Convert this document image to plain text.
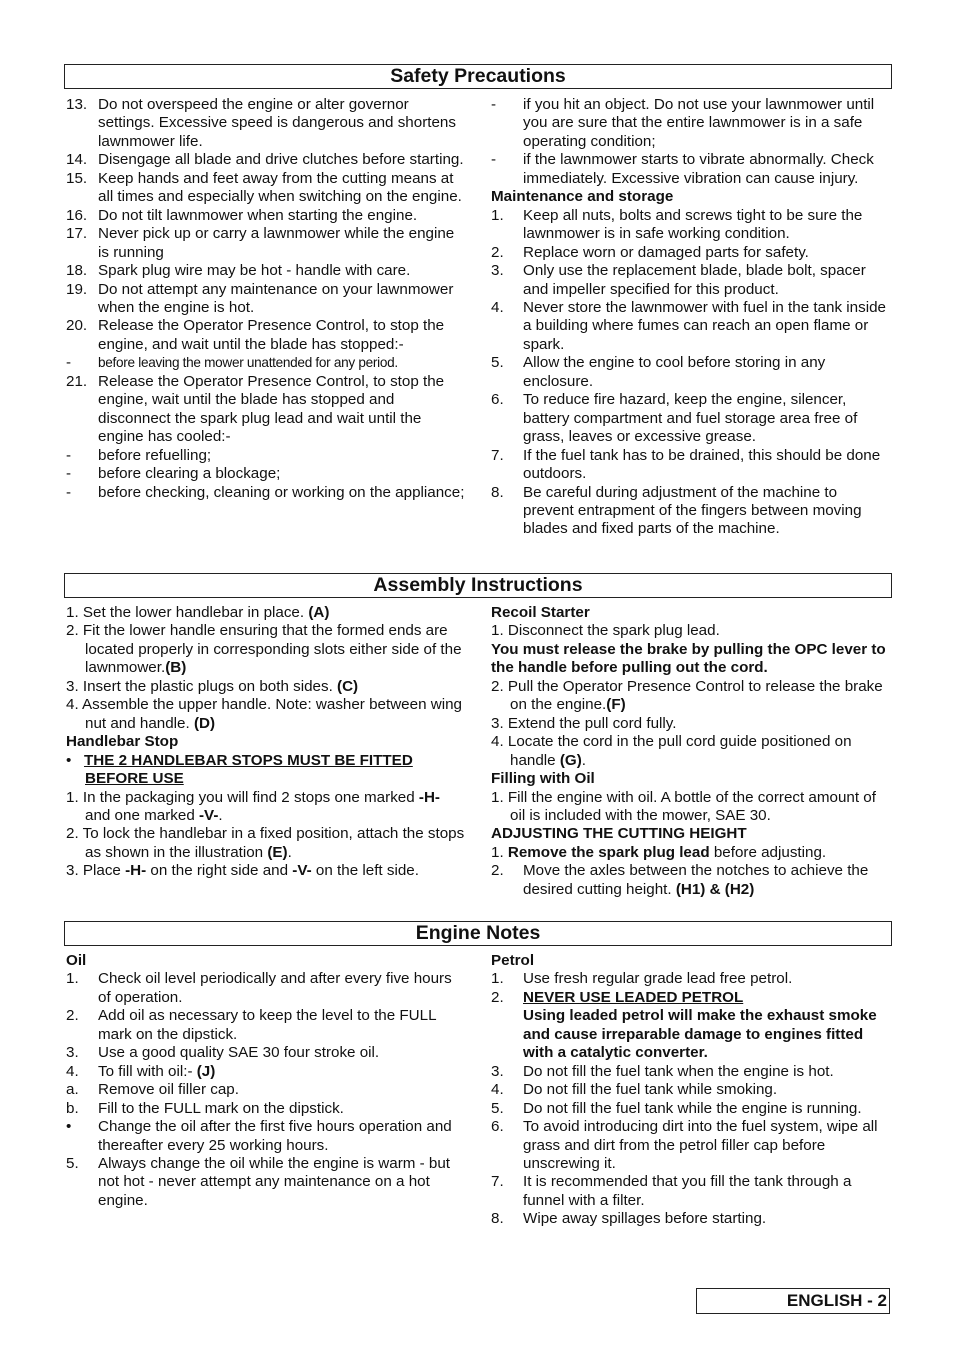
Safety Precautions
13. Do not overspeed the engine or alter governor settings. Excessive speed is dangerous and shortens lawnmower life.
14. Disengage all blade and drive clutches before starting.
15. Keep hands and feet away from the cutting means at all times and especially when switching on the engine.
16. Do not tilt lawnmower when starting the engine.
17. Never pick up or carry a lawnmower while the engine is running
18. Spark plug wire may be hot - handle with care.
19. Do not attempt any maintenance on your lawnmower when the engine is hot.
20. Release the Operator Presence Control, to stop the engine, and wait until the blade has stopped:-
- before leaving the mower unattended for any period.
21. Release the Operator Presence Control, to stop the engine, wait until the blade has stopped and disconnect the spark plug lead and wait until the engine has cooled:-
- before refuelling;
- before clearing a blockage;
- before checking, cleaning or working on the appliance;
- if you hit an object. Do not use your lawnmower until you are sure that the entire lawnmower is in a safe operating condition;
- if the lawnmower starts to vibrate abnormally. Check immediately. Excessive vibration can cause injury.
Maintenance and storage
1. Keep all nuts, bolts and screws tight to be sure the lawnmower is in safe working condition.
2. Replace worn or damaged parts for safety.
3. Only use the replacement blade, blade bolt, spacer and impeller specified for this product.
4. Never store the lawnmower with fuel in the tank inside a building where fumes can reach an open flame or spark.
5. Allow the engine to cool before storing in any enclosure.
6. To reduce fire hazard, keep the engine, silencer, battery compartment and fuel storage area free of grass, leaves or excessive grease.
7. If the fuel tank has to be drained, this should be done outdoors.
8. Be careful during adjustment of the machine to prevent entrapment of the fingers between moving blades and fixed parts of the machine.
Assembly Instructions
1. Set the lower handlebar in place. (A)
2. Fit the lower handle ensuring that the formed ends are located properly in corresponding slots either side of the lawnmower.(B)
3. Insert the plastic plugs on both sides. (C)
4. Assemble the upper handle. Note: washer between wing nut and handle. (D)
Handlebar Stop
•   THE 2 HANDLEBAR STOPS MUST BE FITTED BEFORE USE
1. In the packaging you will find 2 stops one marked -H- and one marked -V-.
2. To lock the handlebar in a fixed position, attach the stops as shown in the illustration (E).
3. Place -H- on the right side and -V- on the left side.
Recoil Starter
1. Disconnect the spark plug lead.
You must release the brake by pulling the OPC lever to the handle before pulling out the cord.
2. Pull the Operator Presence Control to release the brake on the engine.(F)
3. Extend the pull cord fully.
4. Locate the cord in the pull cord guide positioned on handle (G).
Filling with Oil
1. Fill the engine with oil. A bottle of the correct amount of oil is included with the mower, SAE 30.
ADJUSTING THE CUTTING HEIGHT
1. Remove the spark plug lead before adjusting.
2. Move the axles between the notches to achieve the desired cutting height. (H1) & (H2)
Engine Notes
Oil
1. Check oil level periodically and after every five hours of operation.
2. Add oil as necessary to keep the level to the FULL mark on the dipstick.
3. Use a good quality SAE 30 four stroke oil.
4. To fill with oil:- (J)
a. Remove oil filler cap.
b. Fill to the FULL mark on the dipstick.
• Change the oil after the first five hours operation and thereafter every 25 working hours.
5. Always change the oil while the engine is warm - but not hot - never attempt any maintenance on a hot engine.
Petrol
1. Use fresh regular grade lead free petrol.
2. NEVER USE LEADED PETROL
Using leaded petrol will make the exhaust smoke and cause irreparable damage to engines fitted with a catalytic converter.
3. Do not fill the fuel tank when the engine is hot.
4. Do not fill the fuel tank while smoking.
5. Do not fill the fuel tank while the engine is running.
6. To avoid introducing dirt into the fuel system, wipe all grass and dirt from the petrol filler cap before unscrewing it.
7. It is recommended that you fill the tank through a funnel with a filter.
8. Wipe away spillages before starting.
ENGLISH - 2
